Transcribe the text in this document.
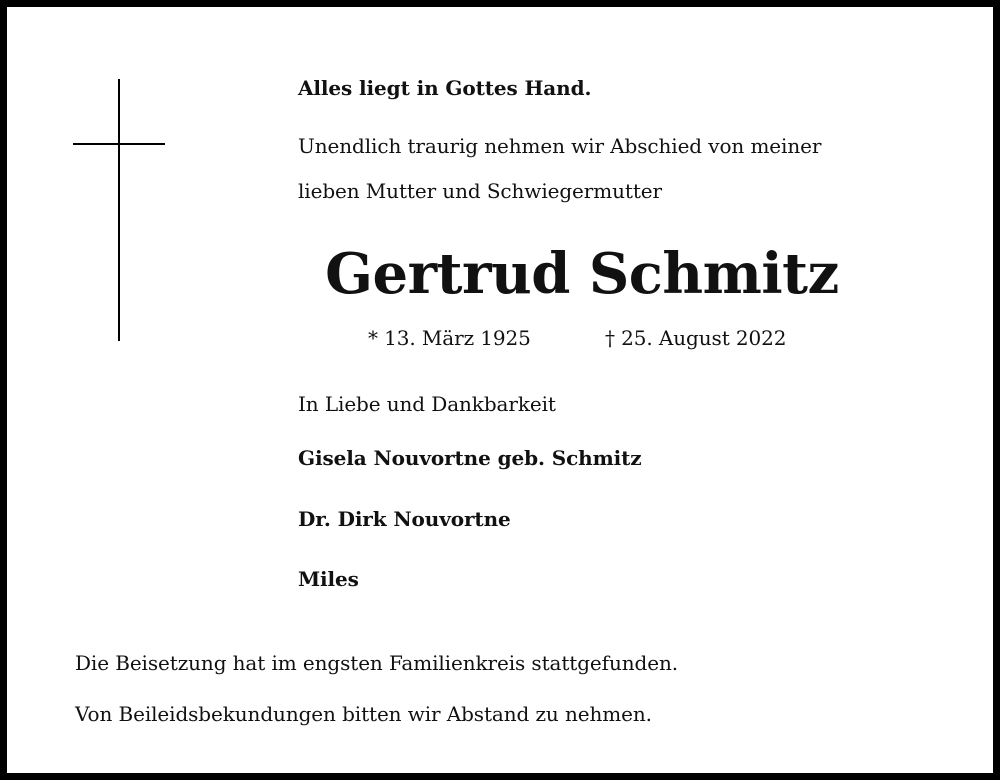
Alles liegt in Gottes Hand.
Unendlich traurig nehmen wir Abschied von meiner
lieben Mutter und Schwiegermutter
Gertrud Schmitz
* 13. März 1925	† 25. August 2022
In Liebe und Dankbarkeit
Gisela Nouvortne geb. Schmitz
Dr. Dirk Nouvortne
Miles
Die Beisetzung hat im engsten Familienkreis stattgefunden.
Von Beileidsbekundungen bitten wir Abstand zu nehmen.
